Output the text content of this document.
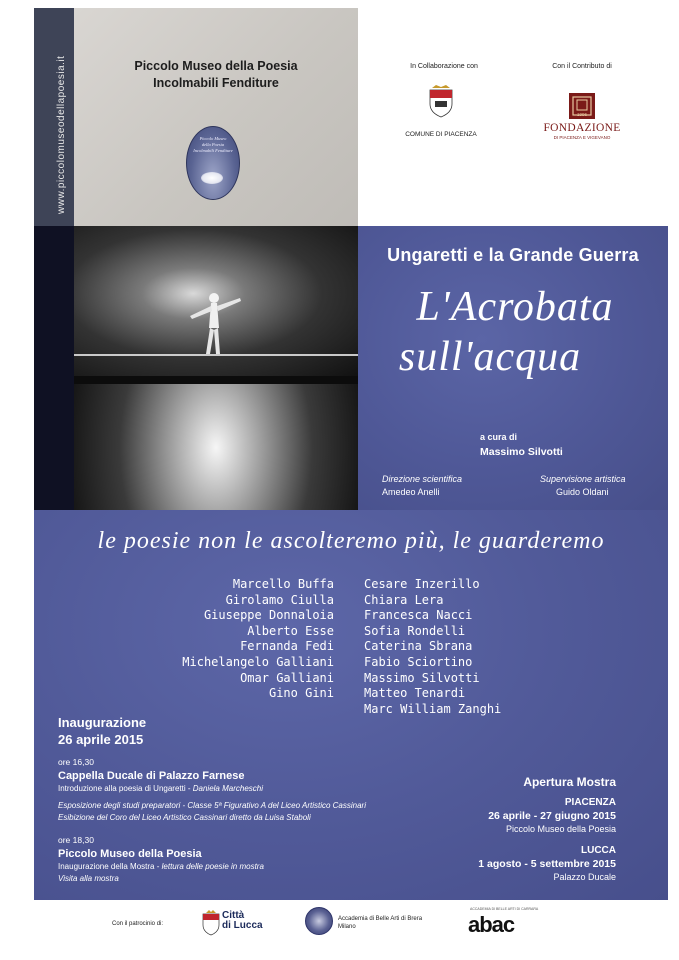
www.piccolomuseodellapoesia.it	Piccolo Museo della Poesia
Incolmabili Fenditure
Piccolo Museo
della Poesia
Incolmabili Fenditure
In Collaborazione con	Con il Contributo di
COMUNE DI PIACENZA
1996
FONDAZIONE
DI PIACENZA E VIGEVANO
Ungaretti e la Grande Guerra
L'Acrobata
sull'acqua
a cura di
Massimo Silvotti
Direzione scientifica
Amedeo Anelli
Supervisione artistica
Guido Oldani
le poesie non le ascolteremo più, le guarderemo
Marcello Buffa
Girolamo Ciulla
Giuseppe Donnaloia
Alberto Esse
Fernanda Fedi
Michelangelo Galliani
Omar Galliani
Gino Gini
Cesare Inzerillo
Chiara Lera
Francesca Nacci
Sofia Rondelli
Caterina Sbrana
Fabio Sciortino
Massimo Silvotti
Matteo Tenardi
Marc William Zanghi
Inaugurazione
26 aprile 2015
ore 16,30
Cappella Ducale di Palazzo Farnese
Introduzione alla poesia di Ungaretti - Daniela Marcheschi
Esposizione degli studi preparatori - Classe 5ª Figurativo A del Liceo Artistico Cassinari
Esibizione del Coro del Liceo Artistico Cassinari diretto da Luisa Staboli
ore 18,30
Piccolo Museo della Poesia
Inaugurazione della Mostra - lettura delle poesie in mostra
Visita alla mostra
Apertura Mostra
PIACENZA
26 aprile - 27 giugno 2015
Piccolo Museo della Poesia
LUCCA
1 agosto - 5 settembre 2015
Palazzo Ducale
Con il patrocinio di:
Città
di Lucca
Accademia di Belle Arti di Brera
Milano
ACCADEMIA DI BELLE ARTI DI CARRARA
abac
